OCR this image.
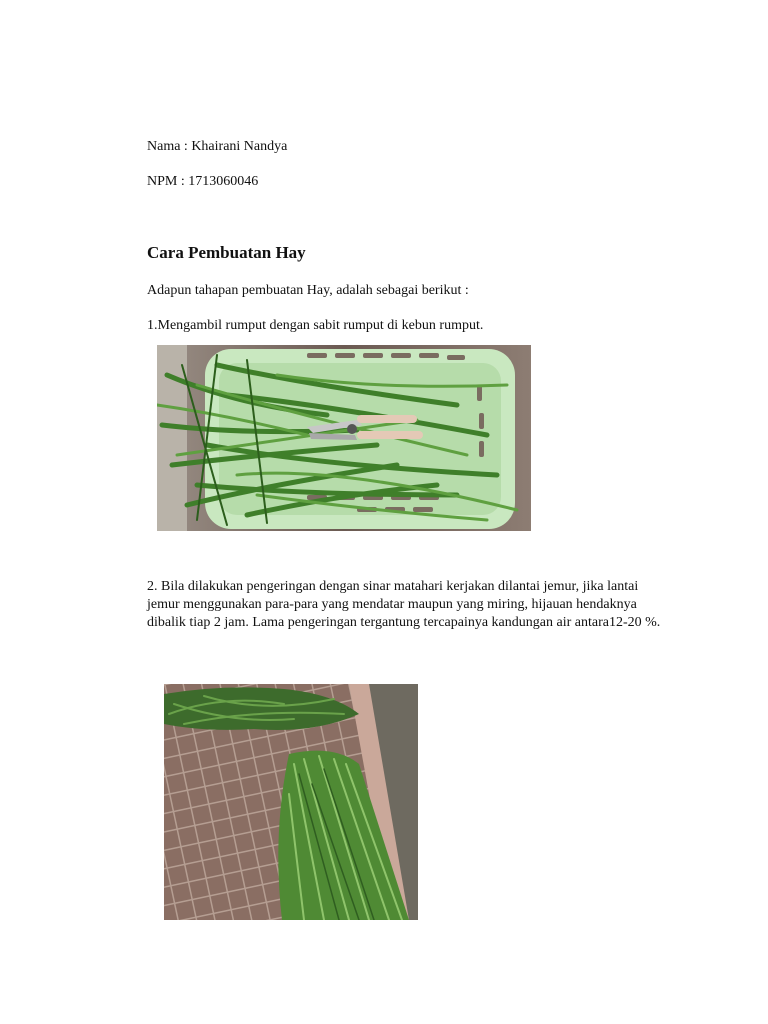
Nama : Khairani Nandya
NPM : 1713060046
Cara Pembuatan Hay
Adapun tahapan pembuatan Hay, adalah sebagai berikut :
1.Mengambil rumput dengan sabit rumput di kebun rumput.
2. Bila dilakukan pengeringan dengan sinar matahari kerjakan dilantai jemur, jika lantai jemur menggunakan para-para yang mendatar maupun yang miring, hijauan hendaknya dibalik tiap 2 jam. Lama pengeringan tergantung tercapainya kandungan air antara12-20 %.
